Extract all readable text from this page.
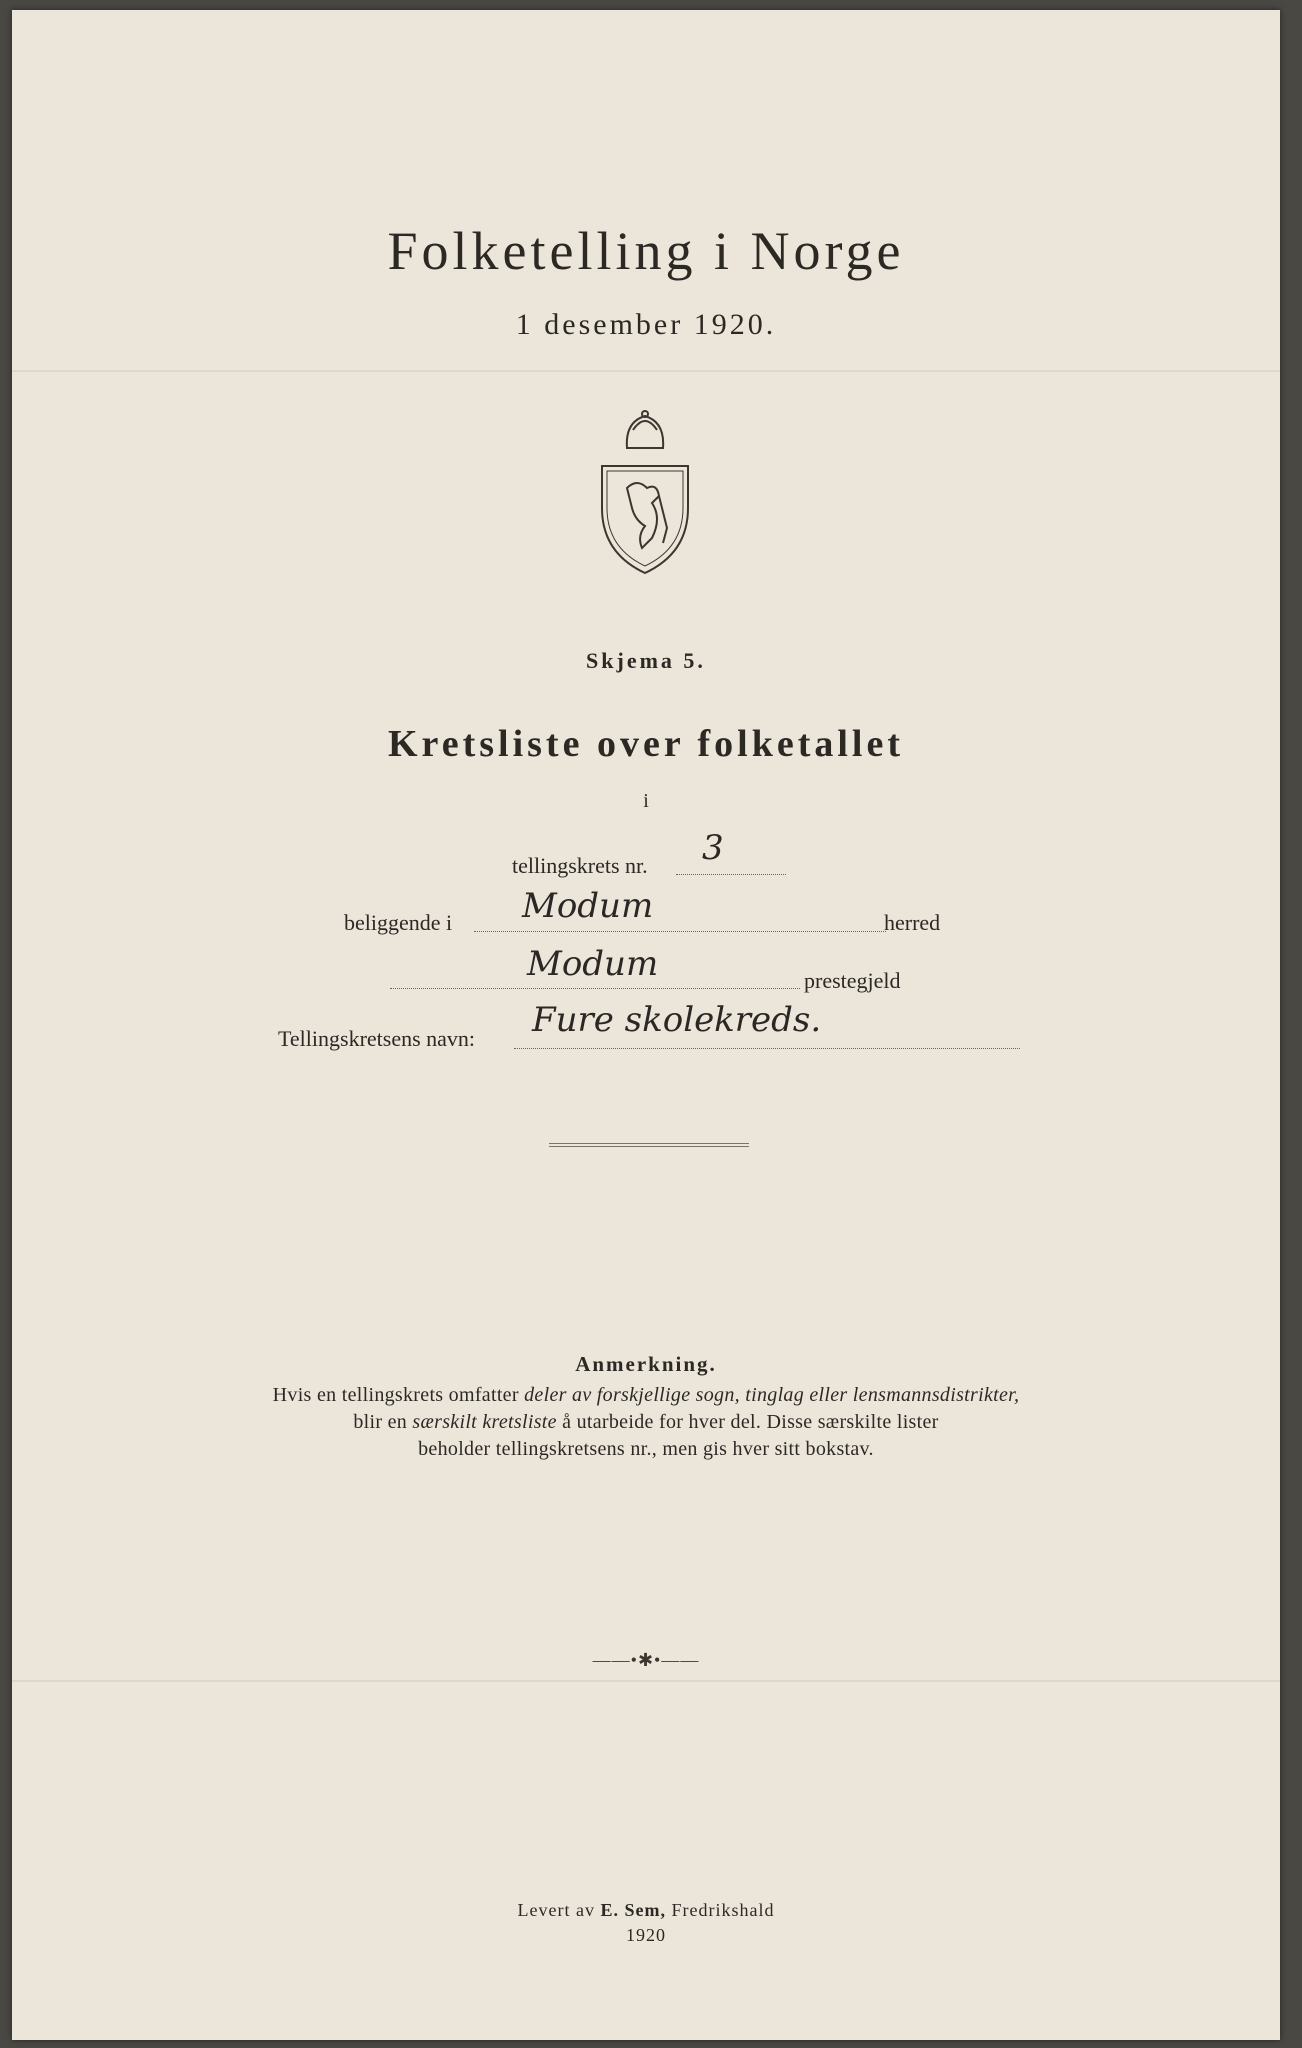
Folketelling i Norge
1 desember 1920.
Skjema 5.
Kretsliste over folketallet
i
tellingskrets nr. 3
beliggende i Modum	herred
Modum	prestegjeld
Tellingskretsens navn: Fure skolekreds.
Anmerkning.
Hvis en tellingskrets omfatter deler av forskjellige sogn, tinglag eller lensmannsdistrikter,
blir en særskilt kretsliste å utarbeide for hver del. Disse særskilte lister
beholder tellingskretsens nr., men gis hver sitt bokstav.
——•✱•——
Levert av E. Sem, Fredrikshald
1920
